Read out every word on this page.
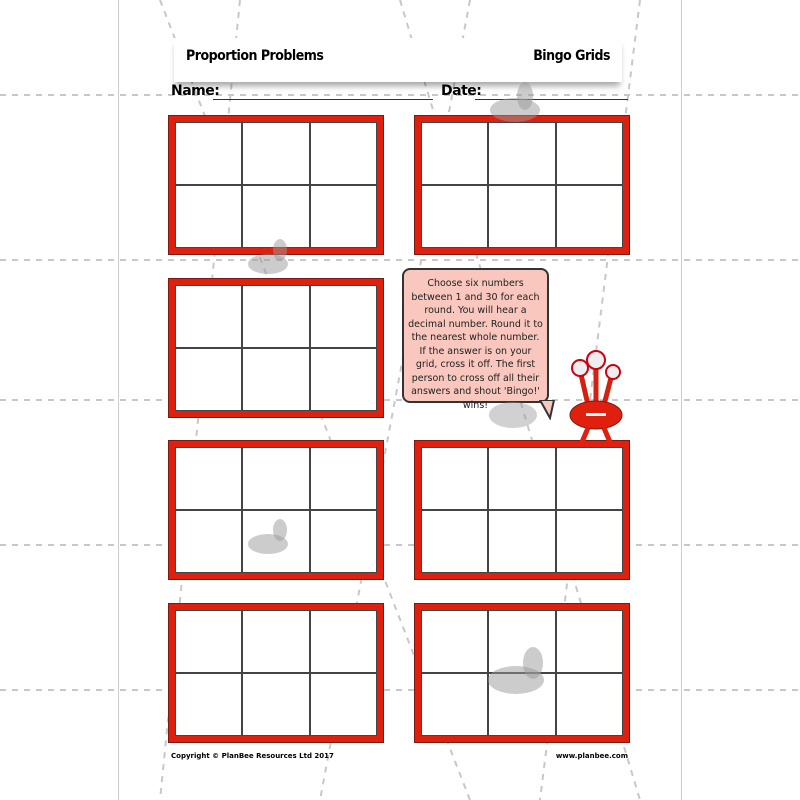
Proportion Problems	Bingo Grids
Name:	Date:
Choose six numbers between 1 and 30 for each round. You will hear a decimal number. Round it to the nearest whole number. If the answer is on your grid, cross it off. The first person to cross off all their answers and shout 'Bingo!' wins!
Copyright © PlanBee Resources Ltd 2017	www.planbee.com
